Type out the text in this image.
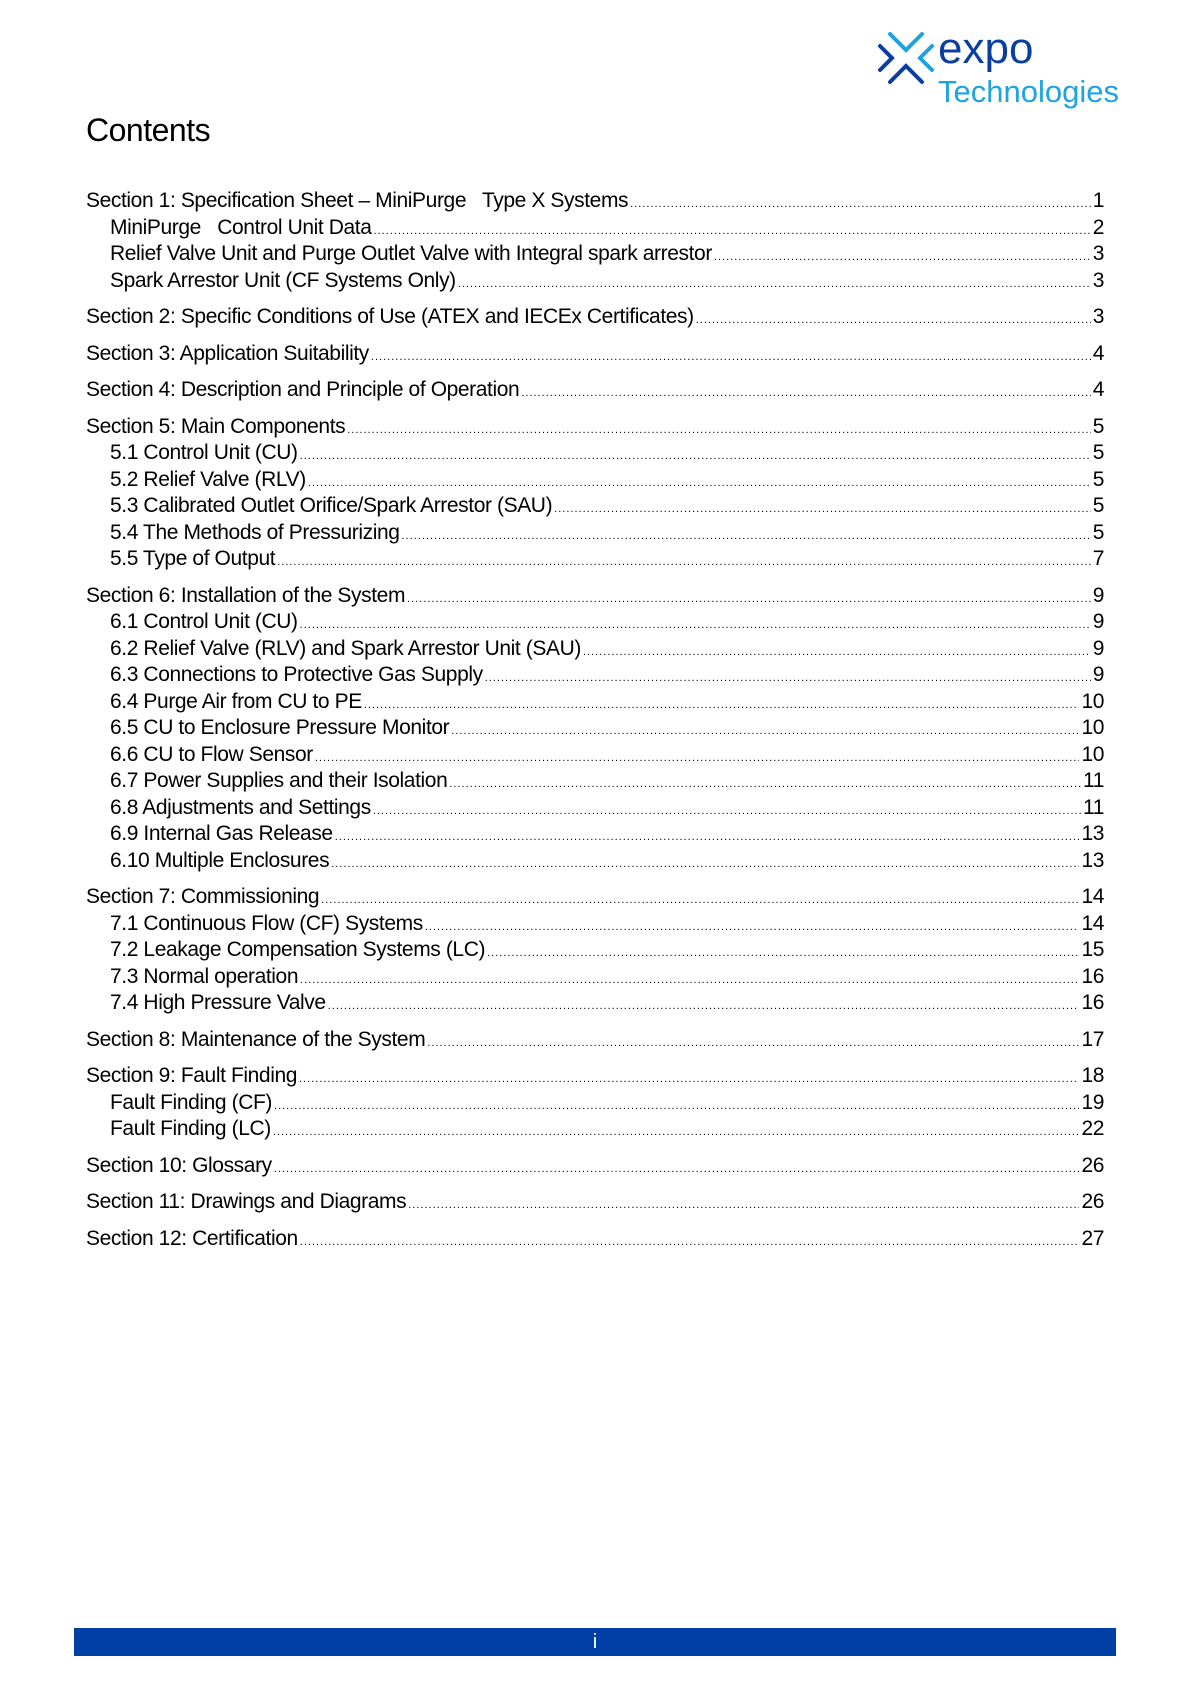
expo
Technologies
Contents
Section 1: Specification Sheet – MiniPurge   Type X Systems .....	1
MiniPurge   Control Unit Data .....	2
Relief Valve Unit and Purge Outlet Valve with Integral spark arrestor .....	3
Spark Arrestor Unit (CF Systems Only) .....	3
Section 2: Specific Conditions of Use (ATEX and IECEx Certificates) .....	3
Section 3: Application Suitability .....	4
Section 4: Description and Principle of Operation .....	4
Section 5: Main Components .....	5
5.1 Control Unit (CU) .....	5
5.2 Relief Valve (RLV) .....	5
5.3 Calibrated Outlet Orifice/Spark Arrestor (SAU) .....	5
5.4 The Methods of Pressurizing .....	5
5.5 Type of Output .....	7
Section 6: Installation of the System .....	9
6.1 Control Unit (CU) .....	9
6.2 Relief Valve (RLV) and Spark Arrestor Unit (SAU) .....	9
6.3 Connections to Protective Gas Supply .....	9
6.4 Purge Air from CU to PE .....	10
6.5 CU to Enclosure Pressure Monitor .....	10
6.6 CU to Flow Sensor .....	10
6.7 Power Supplies and their Isolation .....	11
6.8 Adjustments and Settings .....	11
6.9 Internal Gas Release .....	13
6.10 Multiple Enclosures .....	13
Section 7: Commissioning .....	14
7.1 Continuous Flow (CF) Systems .....	14
7.2 Leakage Compensation Systems (LC) .....	15
7.3 Normal operation .....	16
7.4 High Pressure Valve .....	16
Section 8: Maintenance of the System .....	17
Section 9: Fault Finding .....	18
Fault Finding (CF) .....	19
Fault Finding (LC) .....	22
Section 10: Glossary .....	26
Section 11: Drawings and Diagrams .....	26
Section 12: Certification .....	27
i
